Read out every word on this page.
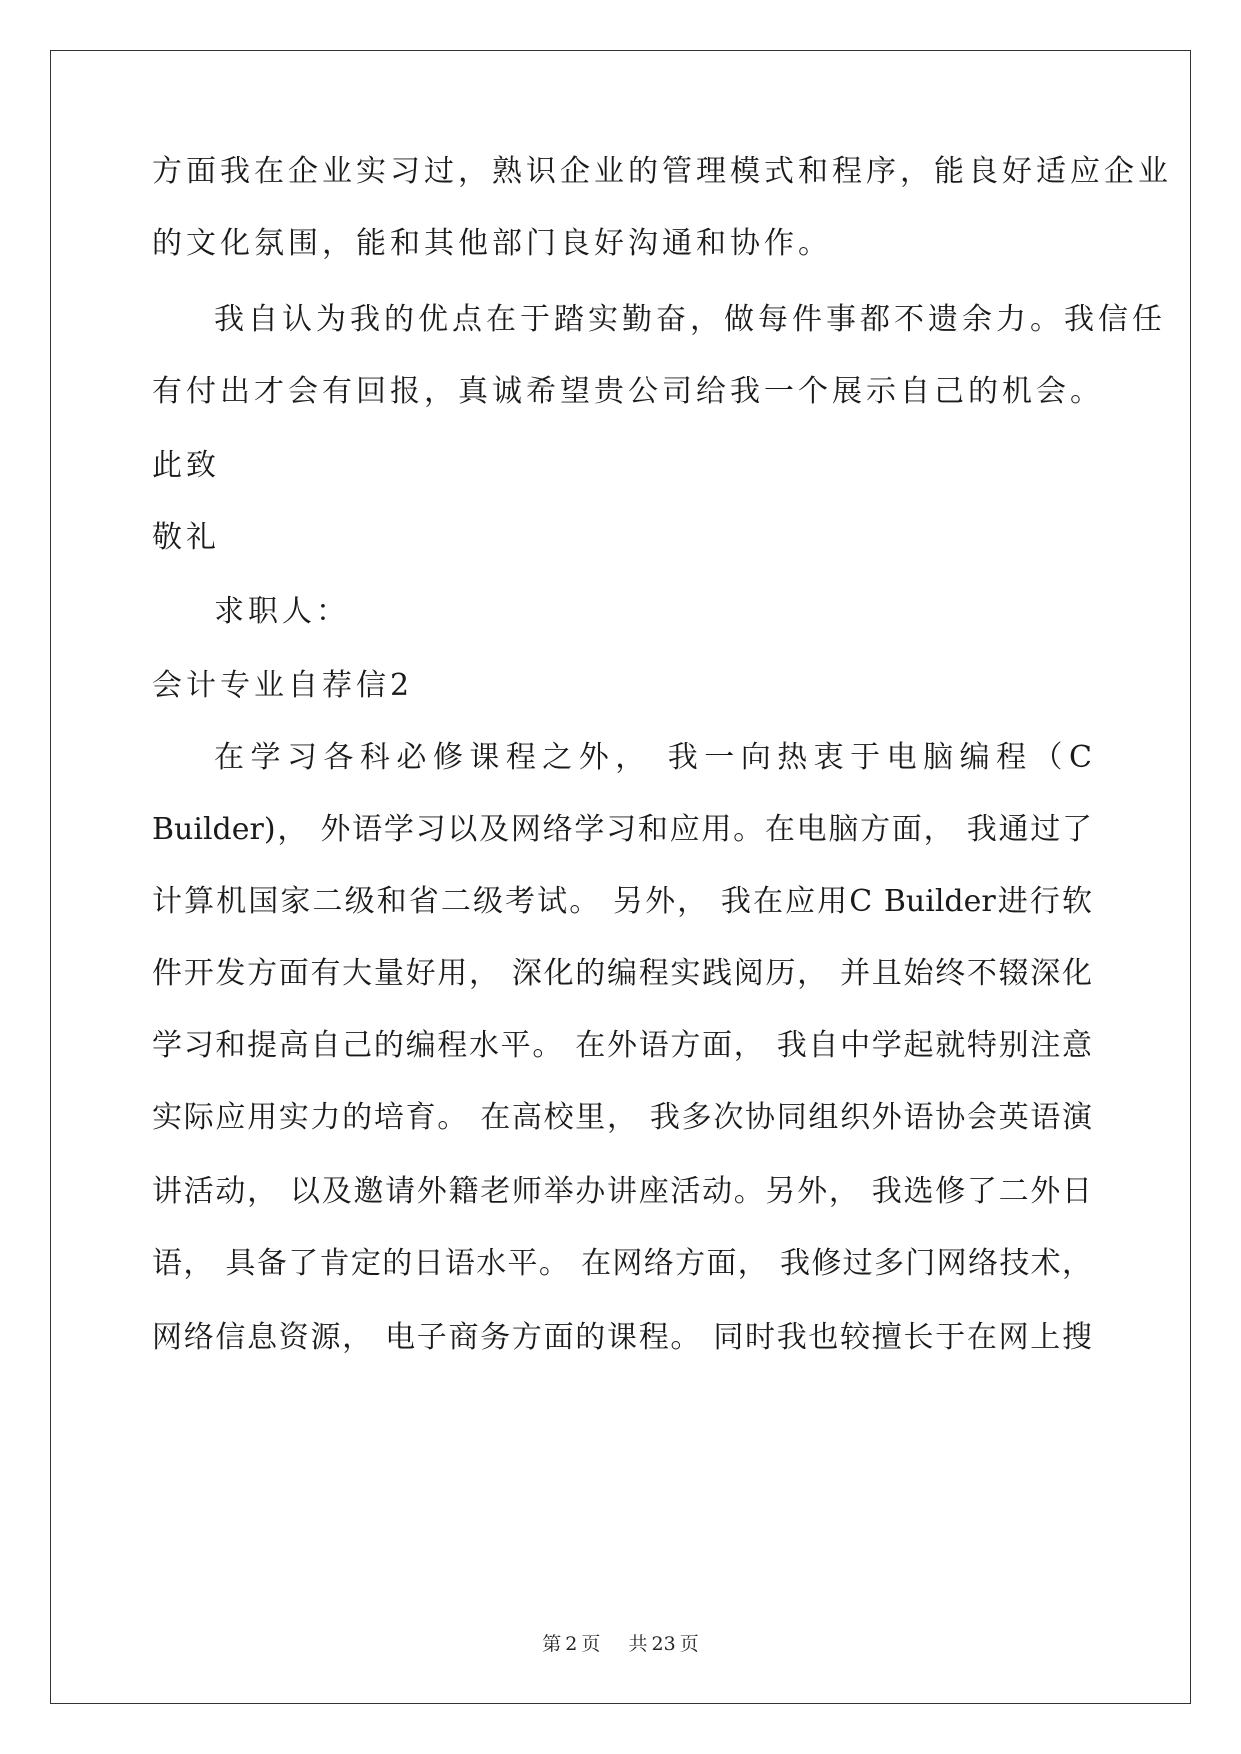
方面我在企业实习过，熟识企业的管理模式和程序，能良好适应企业
的文化氛围，能和其他部门良好沟通和协作。
我自认为我的优点在于踏实勤奋，做每件事都不遗余力。我信任
有付出才会有回报，真诚希望贵公司给我一个展示自己的机会。
此致
敬礼
求职人：
会计专业自荐信2
在学习各科必修课程之外， 我一向热衷于电脑编程（C
Builder)， 外语学习以及网络学习和应用。在电脑方面， 我通过了
计算机国家二级和省二级考试。 另外， 我在应用C Builder进行软
件开发方面有大量好用， 深化的编程实践阅历， 并且始终不辍深化
学习和提高自己的编程水平。 在外语方面， 我自中学起就特别注意
实际应用实力的培育。 在高校里， 我多次协同组织外语协会英语演
讲活动， 以及邀请外籍老师举办讲座活动。另外， 我选修了二外日
语， 具备了肯定的日语水平。 在网络方面， 我修过多门网络技术，
网络信息资源， 电子商务方面的课程。 同时我也较擅长于在网上搜
第 2 页 共 23 页
